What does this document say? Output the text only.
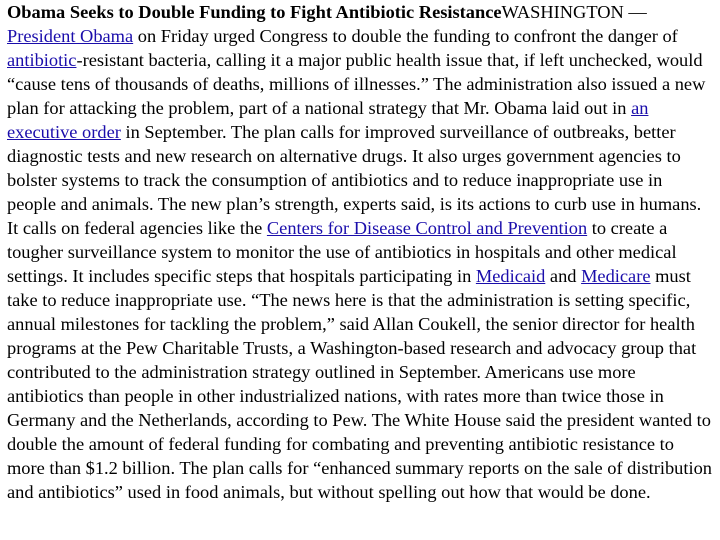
Obama Seeks to Double Funding to Fight Antibiotic ResistanceWASHINGTON — President Obama on Friday urged Congress to double the funding to confront the danger of antibiotic-resistant bacteria, calling it a major public health issue that, if left unchecked, would “cause tens of thousands of deaths, millions of illnesses.” The administration also issued a new plan for attacking the problem, part of a national strategy that Mr. Obama laid out in an executive order in September. The plan calls for improved surveillance of outbreaks, better diagnostic tests and new research on alternative drugs. It also urges government agencies to bolster systems to track the consumption of antibiotics and to reduce inappropriate use in people and animals. The new plan’s strength, experts said, is its actions to curb use in humans. It calls on federal agencies like the Centers for Disease Control and Prevention to create a tougher surveillance system to monitor the use of antibiotics in hospitals and other medical settings. It includes specific steps that hospitals participating in Medicaid and Medicare must take to reduce inappropriate use. “The news here is that the administration is setting specific, annual milestones for tackling the problem,” said Allan Coukell, the senior director for health programs at the Pew Charitable Trusts, a Washington-based research and advocacy group that contributed to the administration strategy outlined in September. Americans use more antibiotics than people in other industrialized nations, with rates more than twice those in Germany and the Netherlands, according to Pew. The White House said the president wanted to double the amount of federal funding for combating and preventing antibiotic resistance to more than $1.2 billion. The plan calls for “enhanced summary reports on the sale of distribution and antibiotics” used in food animals, but without spelling out how that would be done.
